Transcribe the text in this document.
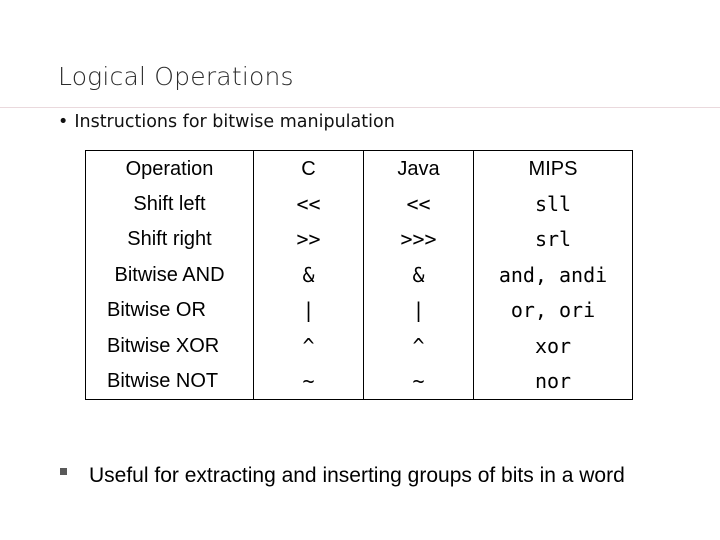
Logical Operations
• Instructions for bitwise manipulation
Operation	C	Java	MIPS
Shift left	<<	<<	sll
Shift right	>>	>>>	srl
Bitwise AND	&	&	and, andi
Bitwise OR	|	|	or, ori
Bitwise XOR	^	^	xor
Bitwise NOT	~	~	nor
Useful for extracting and inserting groups of bits in a word
